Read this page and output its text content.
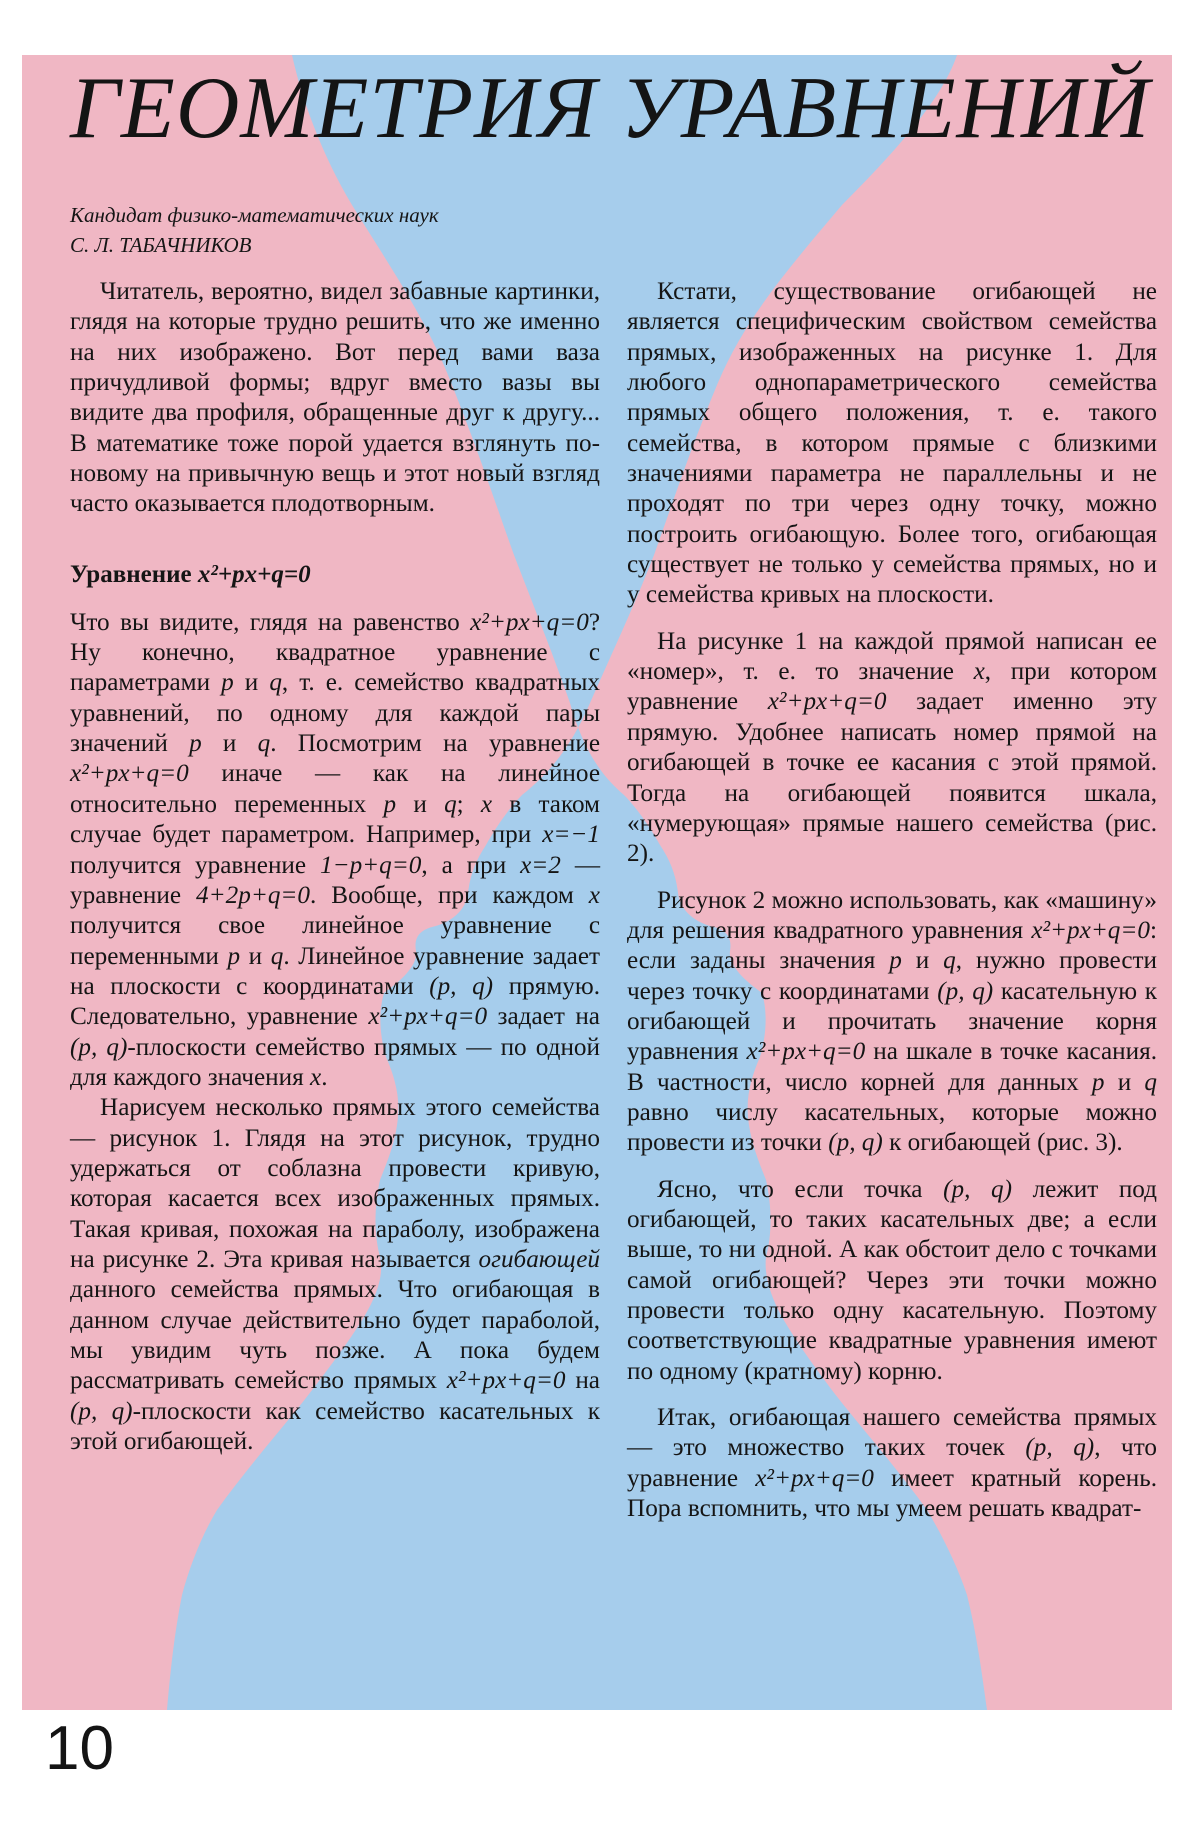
ГЕОМЕТРИЯ УРАВНЕНИЙ
Кандидат физико-математических наук
С. Л. ТАБАЧНИКОВ

Читатель, вероятно, видел забавные картинки, глядя на которые трудно решить, что же именно на них изображено. Вот перед вами ваза причудливой формы; вдруг вместо вазы вы видите два профиля, обращенные друг к другу... В математике тоже порой удается взглянуть по-новому на привычную вещь и этот новый взгляд часто оказывается плодотворным.

Уравнение x²+px+q=0

Что вы видите, глядя на равенство x²+px+q=0? Ну конечно, квадратное уравнение с параметрами p и q, т. е. семейство квадратных уравнений, по одному для каждой пары значений p и q. Посмотрим на уравнение x²+px+q=0 иначе — как на линейное относительно переменных p и q; x в таком случае будет параметром. Например, при x=−1 получится уравнение 1−p+q=0, а при x=2 — уравнение 4+2p+q=0. Вообще, при каждом x получится свое линейное уравнение с переменными p и q. Линейное уравнение задает на плоскости с координатами (p, q) прямую. Следовательно, уравнение x²+px+q=0 задает на (p, q)-плоскости семейство прямых — по одной для каждого значения x.

Нарисуем несколько прямых этого семейства — рисунок 1. Глядя на этот рисунок, трудно удержаться от соблазна провести кривую, которая касается всех изображенных прямых. Такая кривая, похожая на параболу, изображена на рисунке 2. Эта кривая называется огибающей данного семейства прямых. Что огибающая в данном случае действительно будет параболой, мы увидим чуть позже. А пока будем рассматривать семейство прямых x²+px+q=0 на (p, q)-плоскости как семейство касательных к этой огибающей.

Кстати, существование огибающей не является специфическим свойством семейства прямых, изображенных на рисунке 1. Для любого однопараметрического семейства прямых общего положения, т. е. такого семейства, в котором прямые с близкими значениями параметра не параллельны и не проходят по три через одну точку, можно построить огибающую. Более того, огибающая существует не только у семейства прямых, но и у семейства кривых на плоскости.

На рисунке 1 на каждой прямой написан ее «номер», т. е. то значение x, при котором уравнение x²+px+q=0 задает именно эту прямую. Удобнее написать номер прямой на огибающей в точке ее касания с этой прямой. Тогда на огибающей появится шкала, «нумерующая» прямые нашего семейства (рис. 2).

Рисунок 2 можно использовать, как «машину» для решения квадратного уравнения x²+px+q=0: если заданы значения p и q, нужно провести через точку с координатами (p, q) касательную к огибающей и прочитать значение корня уравнения x²+px+q=0 на шкале в точке касания. В частности, число корней для данных p и q равно числу касательных, которые можно провести из точки (p, q) к огибающей (рис. 3).

Ясно, что если точка (p, q) лежит под огибающей, то таких касательных две; а если выше, то ни одной. А как обстоит дело с точками самой огибающей? Через эти точки можно провести только одну касательную. Поэтому соответствующие квадратные уравнения имеют по одному (кратному) корню.

Итак, огибающая нашего семейства прямых — это множество таких точек (p, q), что уравнение x²+px+q=0 имеет кратный корень. Пора вспомнить, что мы умеем решать квадрат-

10
